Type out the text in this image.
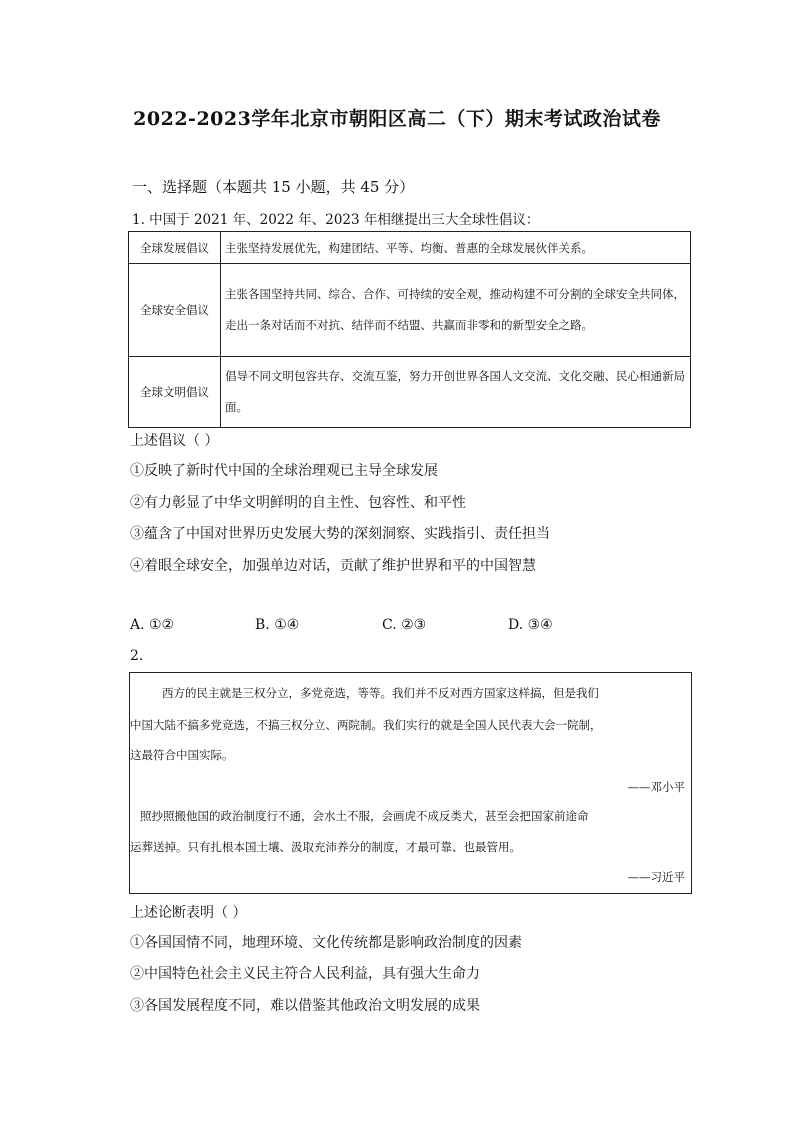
2022-2023学年北京市朝阳区高二（下）期末考试政治试卷
一、选择题（本题共 15 小题，共 45 分）
1. 中国于 2021 年、2022 年、2023 年相继提出三大全球性倡议：
全球发展倡议	主张坚持发展优先，构建团结、平等、均衡、普惠的全球发展伙伴关系。
全球安全倡议	主张各国坚持共同、综合、合作、可持续的安全观，推动构建不可分割的全球安全共同体，走出一条对话而不对抗、结伴而不结盟、共赢而非零和的新型安全之路。
全球文明倡议	倡导不同文明包容共存、交流互鉴，努力开创世界各国人文交流、文化交融、民心相通新局面。
上述倡议（ ）
①反映了新时代中国的全球治理观已主导全球发展
②有力彰显了中华文明鲜明的自主性、包容性、和平性
③蕴含了中国对世界历史发展大势的深刻洞察、实践指引、责任担当
④着眼全球安全，加强单边对话，贡献了维护世界和平的中国智慧
A. ①②	B. ①④	C. ②③	D. ③④
2.
西方的民主就是三权分立，多党竞选，等等。我们并不反对西方国家这样搞，但是我们
中国大陆不搞多党竞选，不搞三权分立、两院制。我们实行的就是全国人民代表大会一院制，
这最符合中国实际。
——邓小平
照抄照搬他国的政治制度行不通，会水土不服，会画虎不成反类犬，甚至会把国家前途命
运葬送掉。只有扎根本国土壤、汲取充沛养分的制度，才最可靠、也最管用。
——习近平
上述论断表明（ ）
①各国国情不同，地理环境、文化传统都是影响政治制度的因素
②中国特色社会主义民主符合人民利益，具有强大生命力
③各国发展程度不同，难以借鉴其他政治文明发展的成果
